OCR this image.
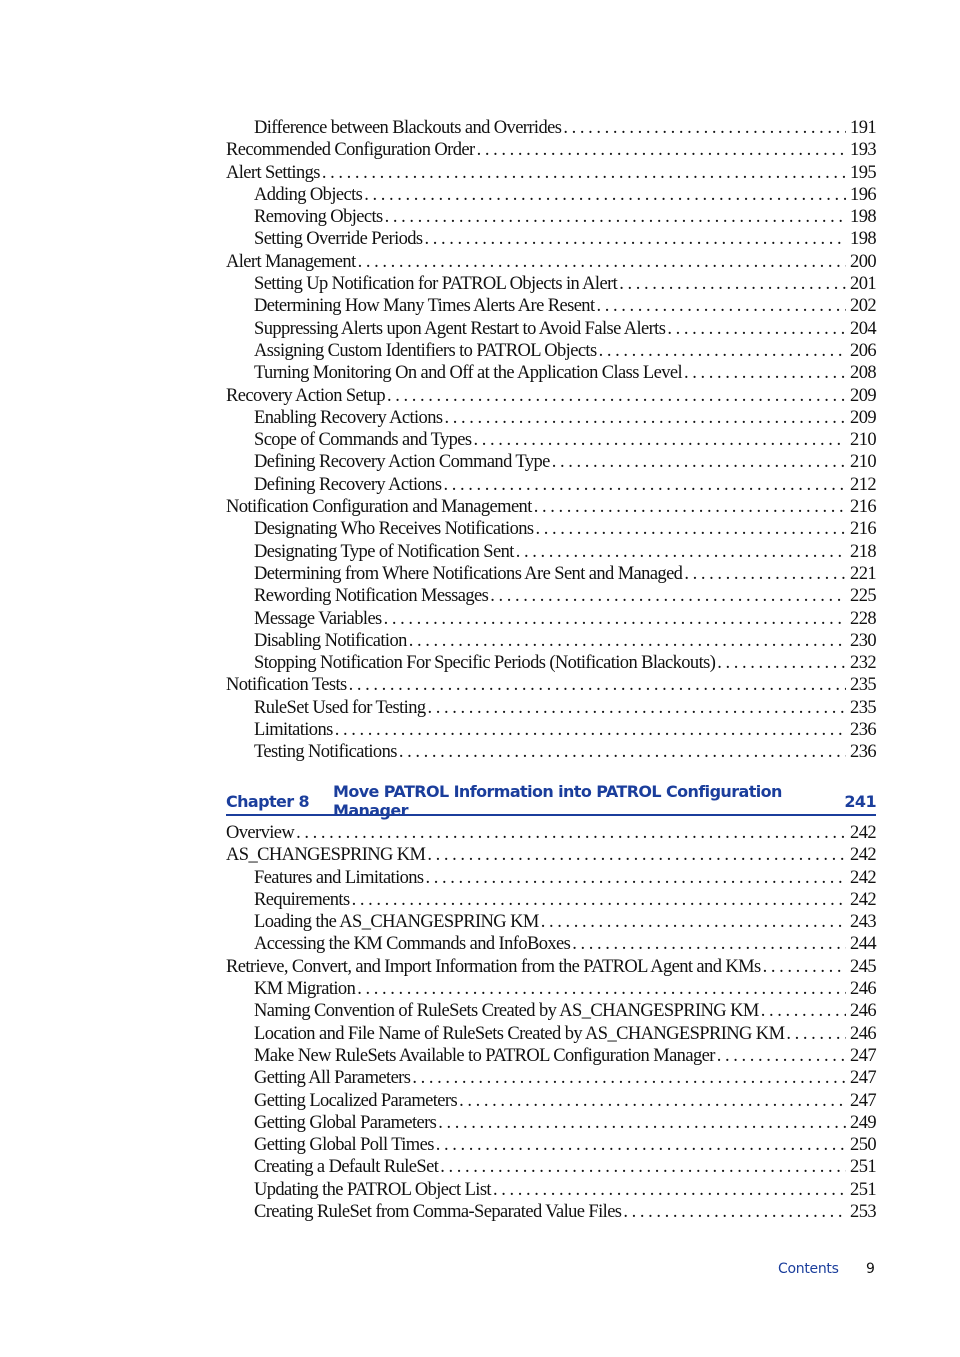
Difference between Blackouts and Overrides . . .	191
Recommended Configuration Order . . .	193
Alert Settings . . .	195
Adding Objects . . .	196
Removing Objects . . .	198
Setting Override Periods . . .	198
Alert Management . . .	200
Setting Up Notification for PATROL Objects in Alert . . .	201
Determining How Many Times Alerts Are Resent . . .	202
Suppressing Alerts upon Agent Restart to Avoid False Alerts . . .	204
Assigning Custom Identifiers to PATROL Objects . . .	206
Turning Monitoring On and Off at the Application Class Level . . .	208
Recovery Action Setup . . .	209
Enabling Recovery Actions . . .	209
Scope of Commands and Types . . .	210
Defining Recovery Action Command Type . . .	210
Defining Recovery Actions . . .	212
Notification Configuration and Management . . .	216
Designating Who Receives Notifications . . .	216
Designating Type of Notification Sent . . .	218
Determining from Where Notifications Are Sent and Managed . . .	221
Rewording Notification Messages . . .	225
Message Variables . . .	228
Disabling Notification . . .	230
Stopping Notification For Specific Periods (Notification Blackouts) . . .	232
Notification Tests . . .	235
RuleSet Used for Testing . . .	235
Limitations . . .	236
Testing Notifications . . .	236
Chapter 8	Move PATROL Information into PATROL Configuration Manager	241
Overview . . .	242
AS_CHANGESPRING KM . . .	242
Features and Limitations . . .	242
Requirements . . .	242
Loading the AS_CHANGESPRING KM . . .	243
Accessing the KM Commands and InfoBoxes . . .	244
Retrieve, Convert, and Import Information from the PATROL Agent and KMs . . .	245
KM Migration . . .	246
Naming Convention of RuleSets Created by AS_CHANGESPRING KM . . .	246
Location and File Name of RuleSets Created by AS_CHANGESPRING KM . . .	246
Make New RuleSets Available to PATROL Configuration Manager . . .	247
Getting All Parameters . . .	247
Getting Localized Parameters . . .	247
Getting Global Parameters . . .	249
Getting Global Poll Times . . .	250
Creating a Default RuleSet . . .	251
Updating the PATROL Object List . . .	251
Creating RuleSet from Comma-Separated Value Files . . .	253
Contents 9
